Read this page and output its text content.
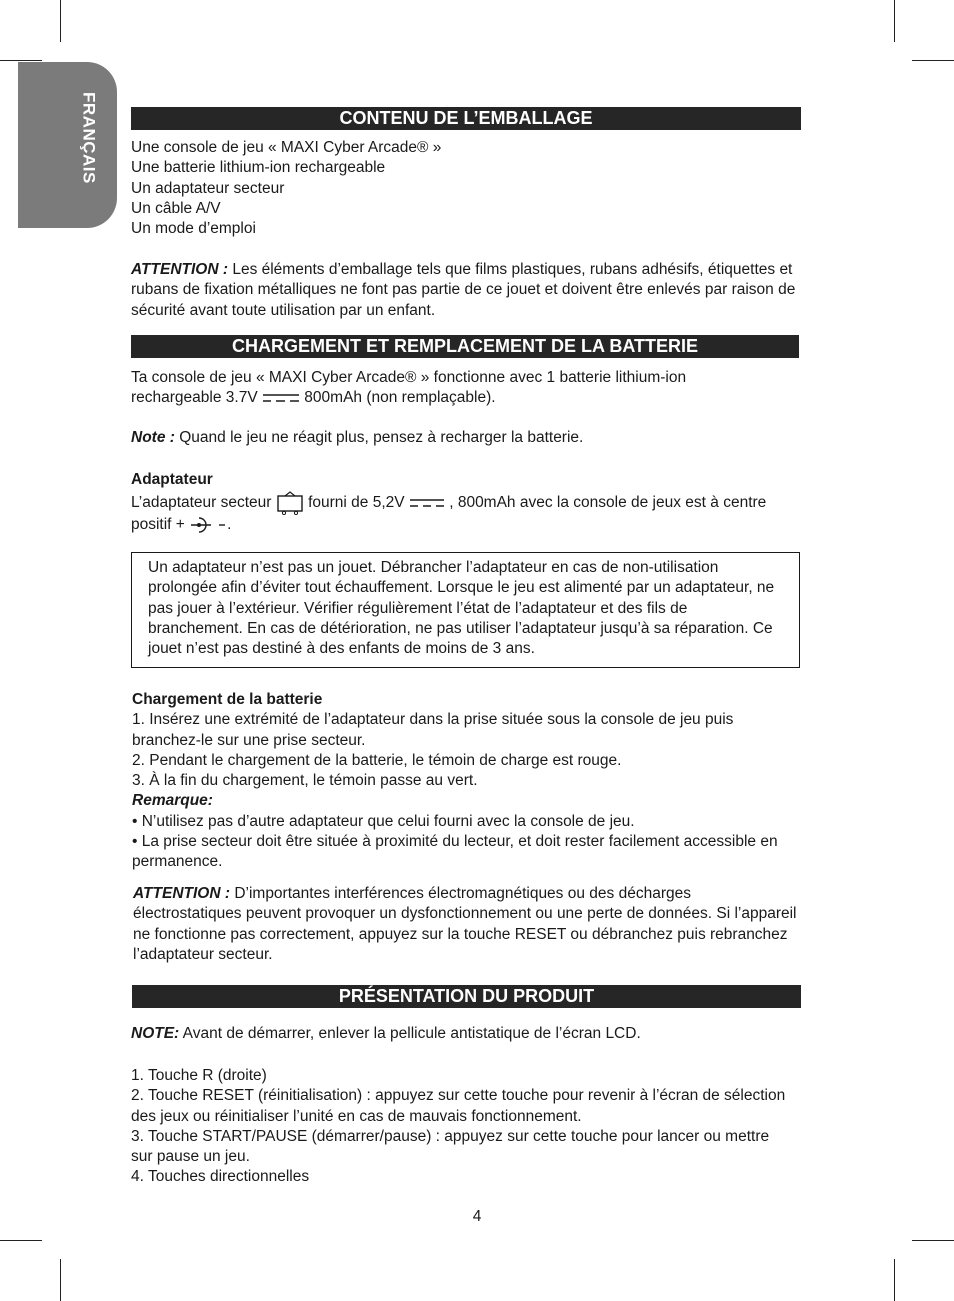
FRANÇAIS	CONTENU DE L’EMBALLAGE

Une console de jeu « MAXI Cyber Arcade® »

Une batterie lithium-ion rechargeable

Un adaptateur secteur

Un câble A/V

Un mode d’emploi

ATTENTION : Les éléments d’emballage tels que films plastiques, rubans adhésifs, étiquettes et rubans de fixation métalliques ne font pas partie de ce jouet et doivent être enlevés par raison de sécurité avant toute utilisation par un enfant.

CHARGEMENT ET REMPLACEMENT DE LA BATTERIE

Ta console de jeu « MAXI Cyber Arcade® » fonctionne avec 1 batterie lithium-ion rechargeable 3.7V  800mAh (non remplaçable).

Note : Quand le jeu ne réagit plus, pensez à recharger la batterie.

Adaptateur

L’adaptateur secteur  fourni de 5,2V  , 800mAh avec la console de jeux est à centre positif + .

Un adaptateur n’est pas un jouet. Débrancher l’adaptateur en cas de non-utilisation prolongée afin d’éviter tout échauffement. Lorsque le jeu est alimenté par un adaptateur, ne pas jouer à l’extérieur. Vérifier régulièrement l’état de l’adaptateur et des fils de branchement. En cas de détérioration, ne pas utiliser l’adaptateur jusqu’à sa réparation. Ce jouet n’est pas destiné à des enfants de moins de 3 ans.

Chargement de la batterie

1. Insérez une extrémité de l’adaptateur dans la prise située sous la console de jeu puis branchez-le sur une prise secteur.

2. Pendant le chargement de la batterie, le témoin de charge est rouge.

3. À la fin du chargement, le témoin passe au vert.

Remarque:

• N’utilisez pas d’autre adaptateur que celui fourni avec la console de jeu.

• La prise secteur doit être située à proximité du lecteur, et doit rester facilement accessible en permanence.

ATTENTION : D’importantes interférences électromagnétiques ou des décharges électrostatiques peuvent provoquer un dysfonctionnement ou une perte de données. Si l’appareil ne fonctionne pas correctement, appuyez sur la touche RESET ou débranchez puis rebranchez l’adaptateur secteur.

PRÉSENTATION DU PRODUIT

NOTE: Avant de démarrer, enlever la pellicule antistatique de l’écran LCD.

1. Touche R (droite)

2. Touche RESET (réinitialisation) : appuyez sur cette touche pour revenir à l’écran de sélection des jeux ou réinitialiser l’unité en cas de mauvais fonctionnement.

3. Touche START/PAUSE (démarrer/pause) : appuyez sur cette touche pour lancer ou mettre sur pause un jeu.

4. Touches directionnelles

4
